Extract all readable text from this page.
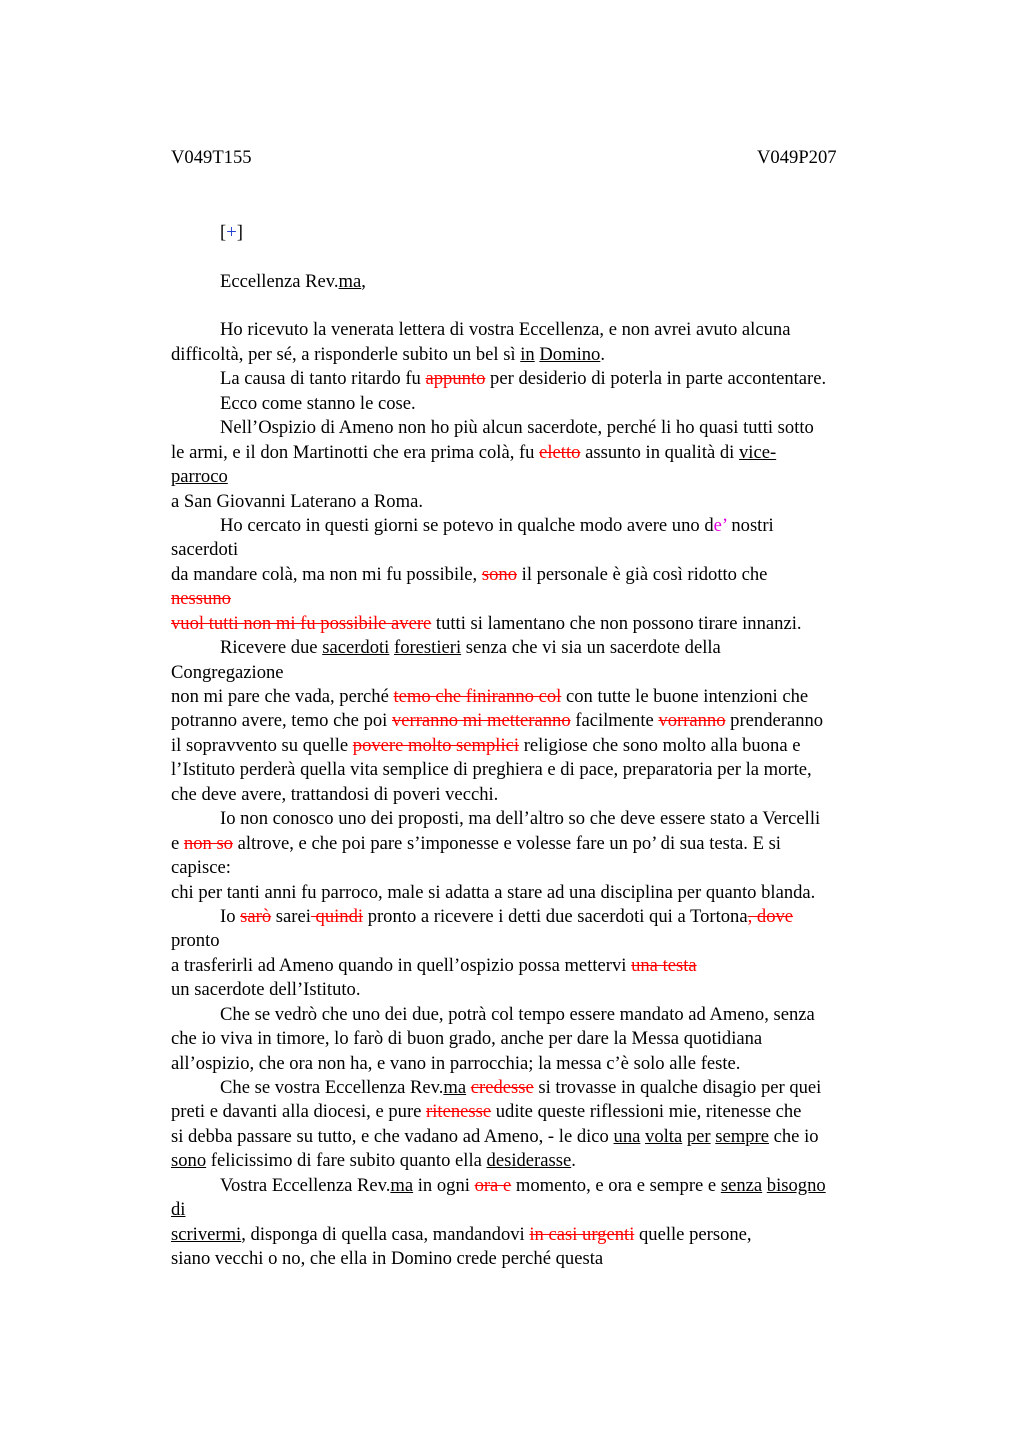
V049T155	V049P207
[+]
Eccellenza Rev.ma,
Ho ricevuto la venerata lettera di vostra Eccellenza, e non avrei avuto alcuna
difficoltà, per sé, a risponderle subito un bel sì in Domino.
La causa di tanto ritardo fu appunto per desiderio di poterla in parte accontentare.
Ecco come stanno le cose.
Nell’Ospizio di Ameno non ho più alcun sacerdote, perché li ho quasi tutti sotto
le armi, e il don Martinotti che era prima colà, fu eletto assunto in qualità di vice-
parroco
a San Giovanni Laterano a Roma.
Ho cercato in questi giorni se potevo in qualche modo avere uno de’ nostri
sacerdoti
da mandare colà, ma non mi fu possibile, sono il personale è già così ridotto che
nessuno
vuol tutti non mi fu possibile avere tutti si lamentano che non possono tirare innanzi.
Ricevere due sacerdoti forestieri senza che vi sia un sacerdote della
Congregazione
non mi pare che vada, perché temo che finiranno col con tutte le buone intenzioni che
potranno avere, temo che poi verranno mi metteranno facilmente vorranno prenderanno
il sopravvento su quelle povere molto semplici religiose che sono molto alla buona e
l’Istituto perderà quella vita semplice di preghiera e di pace, preparatoria per la morte,
che deve avere, trattandosi di poveri vecchi.
Io non conosco uno dei proposti, ma dell’altro so che deve essere stato a Vercelli
e non so altrove, e che poi pare s’imponesse e volesse fare un po’ di sua testa. E si
capisce:
chi per tanti anni fu parroco, male si adatta a stare ad una disciplina per quanto blanda.
Io sarò sarei quindi pronto a ricevere i detti due sacerdoti qui a Tortona, dove
pronto
a trasferirli ad Ameno quando in quell’ospizio possa mettervi una testa
un sacerdote dell’Istituto.
Che se vedrò che uno dei due, potrà col tempo essere mandato ad Ameno, senza
che io viva in timore, lo farò di buon grado, anche per dare la Messa quotidiana
all’ospizio, che ora non ha, e vano in parrocchia; la messa c’è solo alle feste.
Che se vostra Eccellenza Rev.ma credesse si trovasse in qualche disagio per quei
preti e davanti alla diocesi, e pure ritenesse udite queste riflessioni mie, ritenesse che
si debba passare su tutto, e che vadano ad Ameno, - le dico una volta per sempre che io
sono felicissimo di fare subito quanto ella desiderasse.
Vostra Eccellenza Rev.ma in ogni ora e momento, e ora e sempre e senza bisogno
di
scrivermi, disponga di quella casa, mandandovi in casi urgenti quelle persone,
siano vecchi o no, che ella in Domino crede perché questa
